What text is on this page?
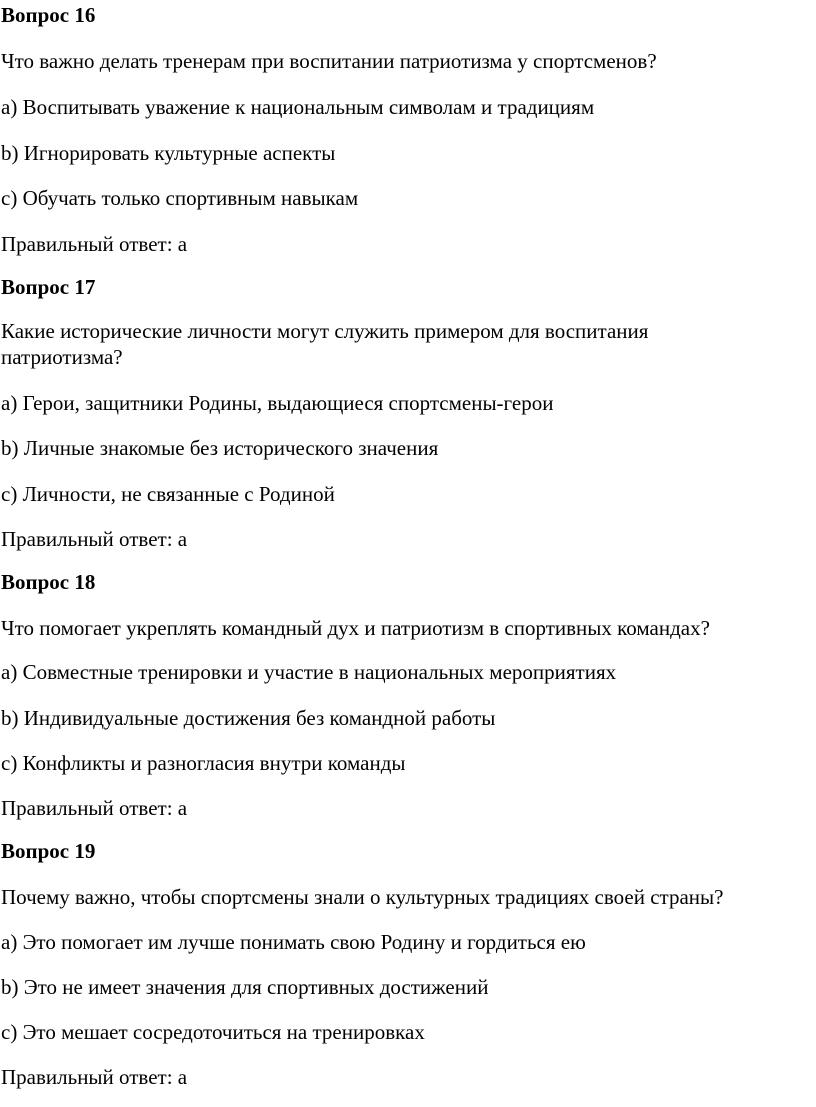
Вопрос 16

Что важно делать тренерам при воспитании патриотизма у спортсменов?

а) Воспитывать уважение к национальным символам и традициям

b) Игнорировать культурные аспекты

c) Обучать только спортивным навыкам

Правильный ответ: a

Вопрос 17

Какие исторические личности могут служить примером для воспитания

патриотизма?

a) Герои, защитники Родины, выдающиеся спортсмены-герои

b) Личные знакомые без исторического значения

c) Личности, не связанные с Родиной

Правильный ответ: a

Вопрос 18

Что помогает укреплять командный дух и патриотизм в спортивных командах?

a) Совместные тренировки и участие в национальных мероприятиях

b) Индивидуальные достижения без командной работы

c) Конфликты и разногласия внутри команды

Правильный ответ: a

Вопрос 19

Почему важно, чтобы спортсмены знали о культурных традициях своей страны?

a) Это помогает им лучше понимать свою Родину и гордиться ею

b) Это не имеет значения для спортивных достижений

c) Это мешает сосредоточиться на тренировках

Правильный ответ: a
